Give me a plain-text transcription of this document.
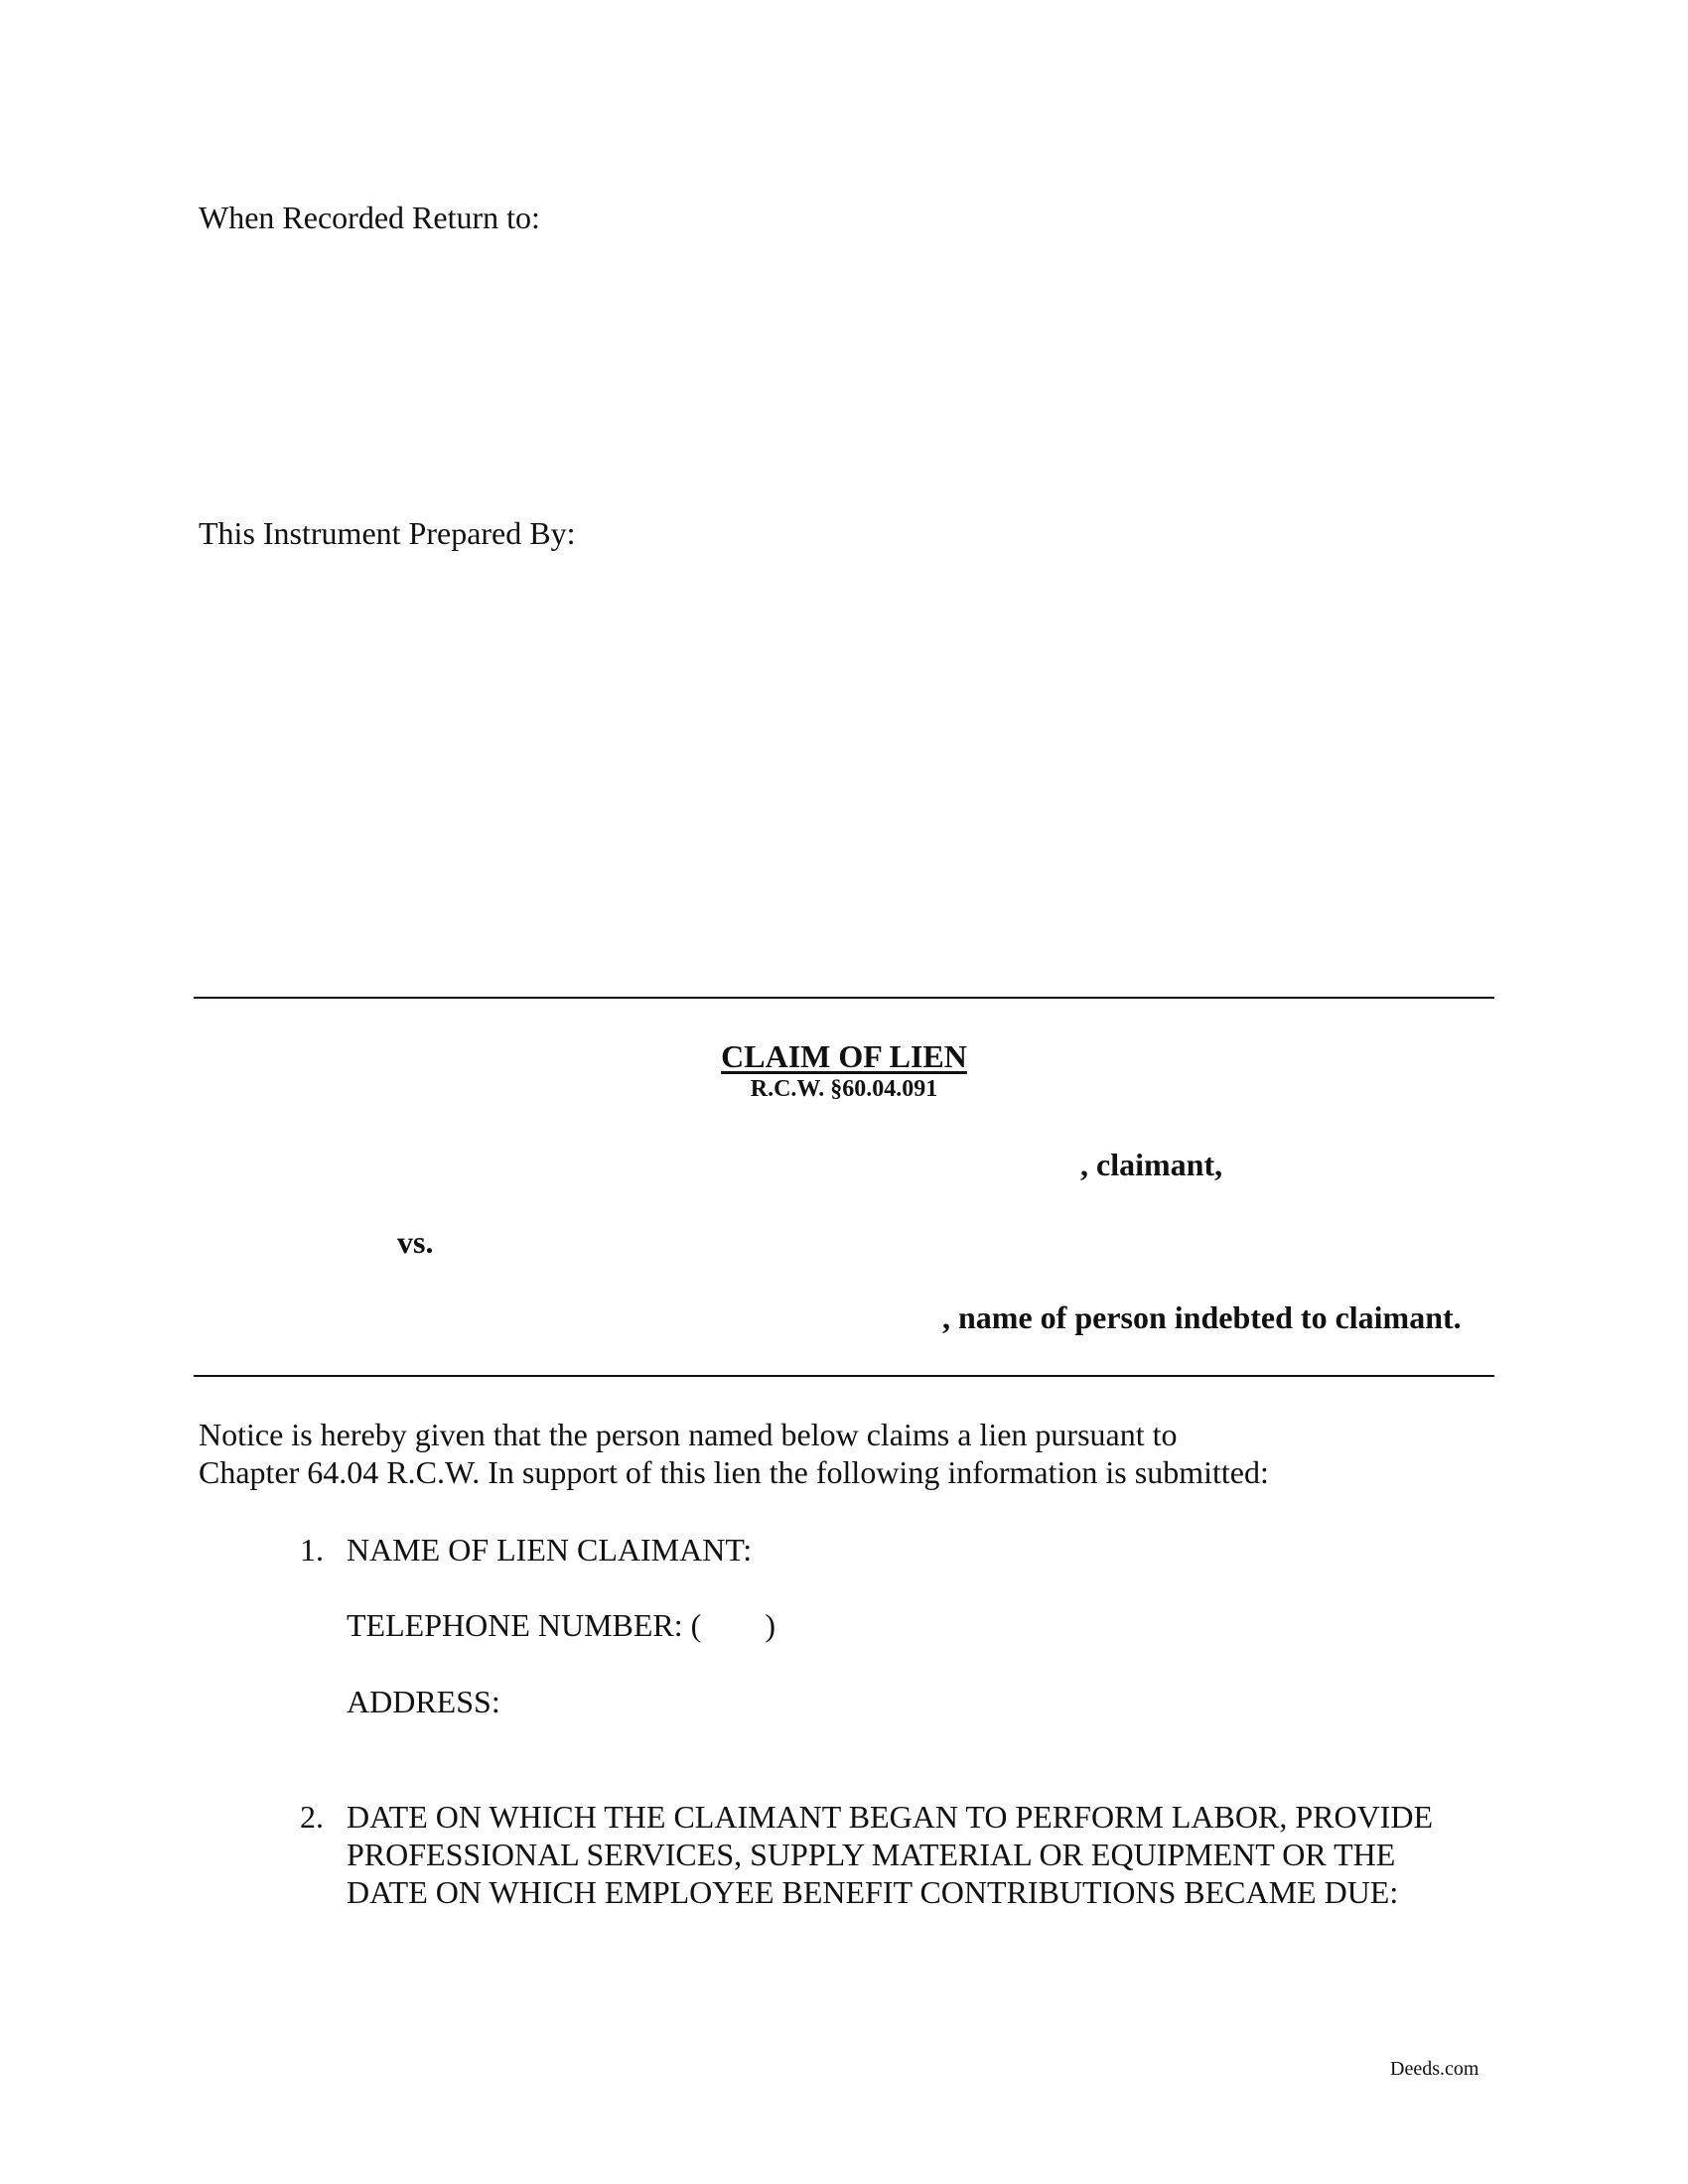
When Recorded Return to:
This Instrument Prepared By:
CLAIM OF LIEN
R.C.W. §60.04.091
, claimant,
vs.
, name of person indebted to claimant.
Notice is hereby given that the person named below claims a lien pursuant to
Chapter 64.04 R.C.W. In support of this lien the following information is submitted:
1. NAME OF LIEN CLAIMANT:
TELEPHONE NUMBER: (        )
ADDRESS:
2. DATE ON WHICH THE CLAIMANT BEGAN TO PERFORM LABOR, PROVIDE
PROFESSIONAL SERVICES, SUPPLY MATERIAL OR EQUIPMENT OR THE
DATE ON WHICH EMPLOYEE BENEFIT CONTRIBUTIONS BECAME DUE:
Deeds.com
